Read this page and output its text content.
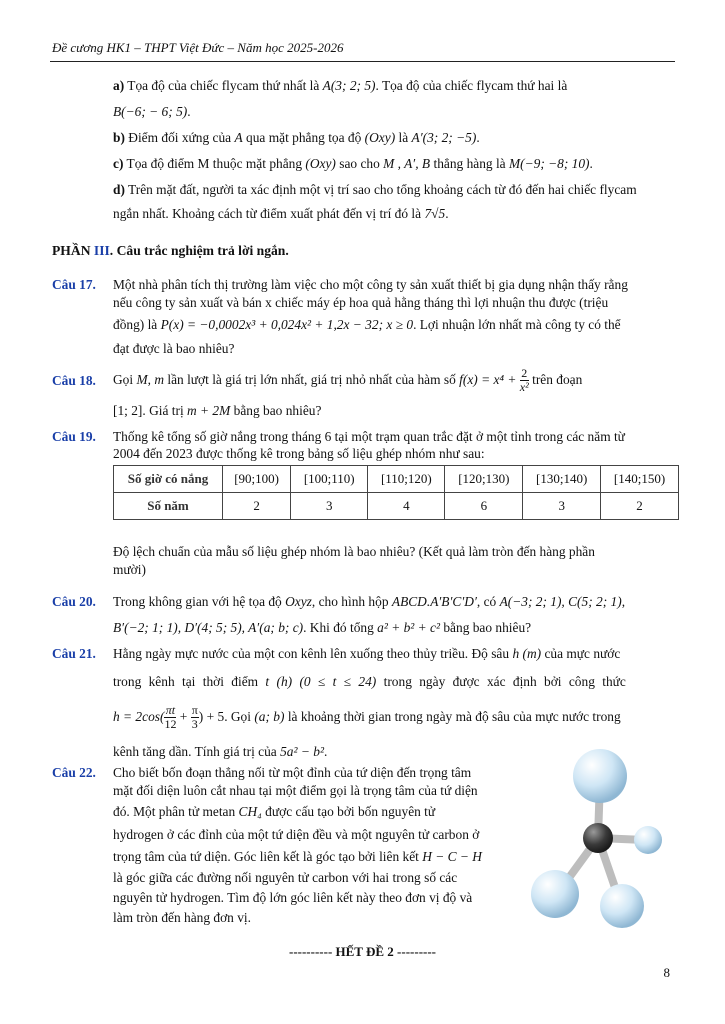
Đề cương HK1 – THPT Việt Đức – Năm học 2025-2026
a) Tọa độ của chiếc flycam thứ nhất là A(3; 2; 5). Tọa độ của chiếc flycam thứ hai là
B(−6; − 6; 5).
b) Điểm đối xứng của A qua mặt phẳng tọa độ (Oxy) là A′(3; 2; −5).
c) Tọa độ điểm M thuộc mặt phẳng (Oxy) sao cho M , A′, B thẳng hàng là M(−9; −8; 10).
d) Trên mặt đất, người ta xác định một vị trí sao cho tổng khoảng cách từ đó đến hai chiếc flycam
ngắn nhất. Khoảng cách từ điểm xuất phát đến vị trí đó là 7√5.
PHẦN III. Câu trắc nghiệm trả lời ngắn.
Câu 17. Một nhà phân tích thị trường làm việc cho một công ty sản xuất thiết bị gia dụng nhận thấy rằng
nếu công ty sản xuất và bán x chiếc máy ép hoa quả hằng tháng thì lợi nhuận thu được (triệu
đồng) là P(x) = −0,0002x³ + 0,024x² + 1,2x − 32; x ≥ 0. Lợi nhuận lớn nhất mà công ty có thể
đạt được là bao nhiêu?
Câu 18. Gọi M, m lần lượt là giá trị lớn nhất, giá trị nhỏ nhất của hàm số $f(x) = x^4 + \frac{2}{\text{x²}}$ trên đoạn
[1; 2]. Giá trị m + 2M bằng bao nhiêu?
Câu 19. Thống kê tổng số giờ nắng trong tháng 6 tại một trạm quan trắc đặt ở một tỉnh trong các năm từ
2004 đến 2023 được thống kê trong bảng số liệu ghép nhóm như sau:
Số giờ có nắng	[90;100)	[100;110)	[110;120)	[120;130)	[130;140)	[140;150)
Số năm	2	3	4	6	3	2
Độ lệch chuẩn của mẫu số liệu ghép nhóm là bao nhiêu? (Kết quả làm tròn đến hàng phần
mười)
Câu 20. Trong không gian với hệ tọa độ Oxyz, cho hình hộp ABCD.A′B′C′D′, có A(−3; 2; 1), C(5; 2; 1),
B′(−2; 1; 1), D′(4; 5; 5), A′(a; b; c). Khi đó tổng a² + b² + c² bằng bao nhiêu?
Câu 21. Hằng ngày mực nước của một con kênh lên xuống theo thủy triều. Độ sâu h (m) của mực nước
trong kênh tại thời điểm t (h) (0 ≤ t ≤ 24) trong ngày được xác định bởi công thức
$h = 2\cos( \frac{\pi t}{12} + \frac{\pi}{3}$ ) + 5. Gọi (a; b) là khoảng thời gian trong ngày mà độ sâu của mực nước trong
kênh tăng dần. Tính giá trị của 5a² − b².
Câu 22. Cho biết bốn đoạn thẳng nối từ một đỉnh của tứ diện đến trọng tâm
mặt đối diện luôn cắt nhau tại một điểm gọi là trọng tâm của tứ diện
đó. Một phân tử metan CH₄ được cấu tạo bởi bốn nguyên tử
hydrogen ở các đỉnh của một tứ diện đều và một nguyên tử carbon ở
trọng tâm của tứ diện. Góc liên kết là góc tạo bởi liên kết H − C − H
là góc giữa các đường nối nguyên tử carbon với hai trong số các
nguyên tử hydrogen. Tìm độ lớn góc liên kết này theo đơn vị độ và
làm tròn đến hàng đơn vị.
---------- HẾT ĐỀ 2 ---------
8
